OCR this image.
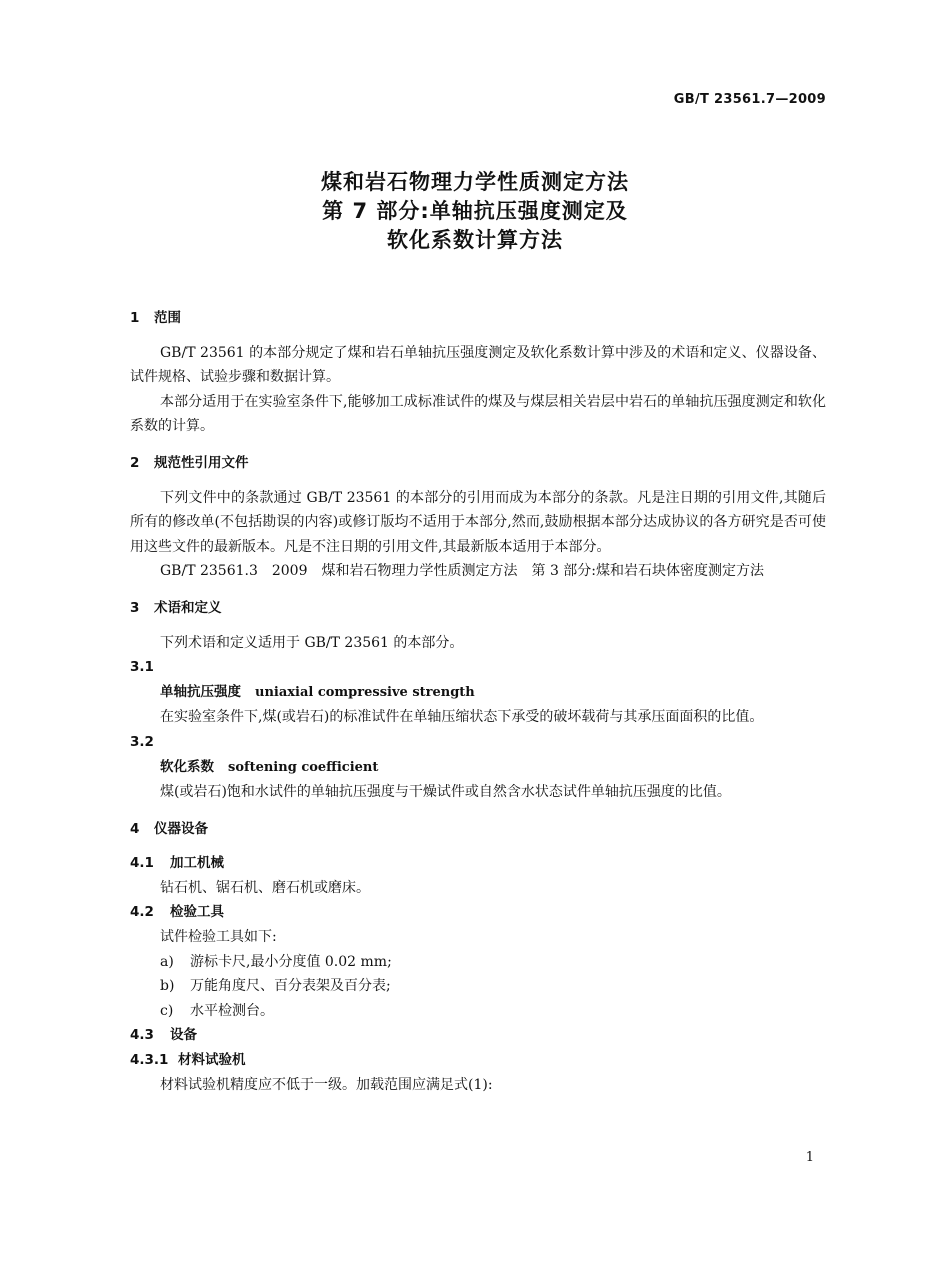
GB/T 23561.7—2009
煤和岩石物理力学性质测定方法
第 7 部分:单轴抗压强度测定及
软化系数计算方法
1 范围
GB/T 23561 的本部分规定了煤和岩石单轴抗压强度测定及软化系数计算中涉及的术语和定义、仪器设备、试件规格、试验步骤和数据计算。
本部分适用于在实验室条件下,能够加工成标准试件的煤及与煤层相关岩层中岩石的单轴抗压强度测定和软化系数的计算。
2 规范性引用文件
下列文件中的条款通过 GB/T 23561 的本部分的引用而成为本部分的条款。凡是注日期的引用文件,其随后所有的修改单(不包括勘误的内容)或修订版均不适用于本部分,然而,鼓励根据本部分达成协议的各方研究是否可使用这些文件的最新版本。凡是不注日期的引用文件,其最新版本适用于本部分。
GB/T 23561.3　2009　煤和岩石物理力学性质测定方法　第 3 部分:煤和岩石块体密度测定方法
3 术语和定义
下列术语和定义适用于 GB/T 23561 的本部分。
3.1
单轴抗压强度 uniaxial compressive strength
在实验室条件下,煤(或岩石)的标准试件在单轴压缩状态下承受的破坏载荷与其承压面面积的比值。
3.2
软化系数 softening coefficient
煤(或岩石)饱和水试件的单轴抗压强度与干燥试件或自然含水状态试件单轴抗压强度的比值。
4 仪器设备
4.1 加工机械
钻石机、锯石机、磨石机或磨床。
4.2 检验工具
试件检验工具如下:
a) 游标卡尺,最小分度值 0.02 mm;
b) 万能角度尺、百分表架及百分表;
c) 水平检测台。
4.3 设备
4.3.1 材料试验机
材料试验机精度应不低于一级。加载范围应满足式(1):
1
